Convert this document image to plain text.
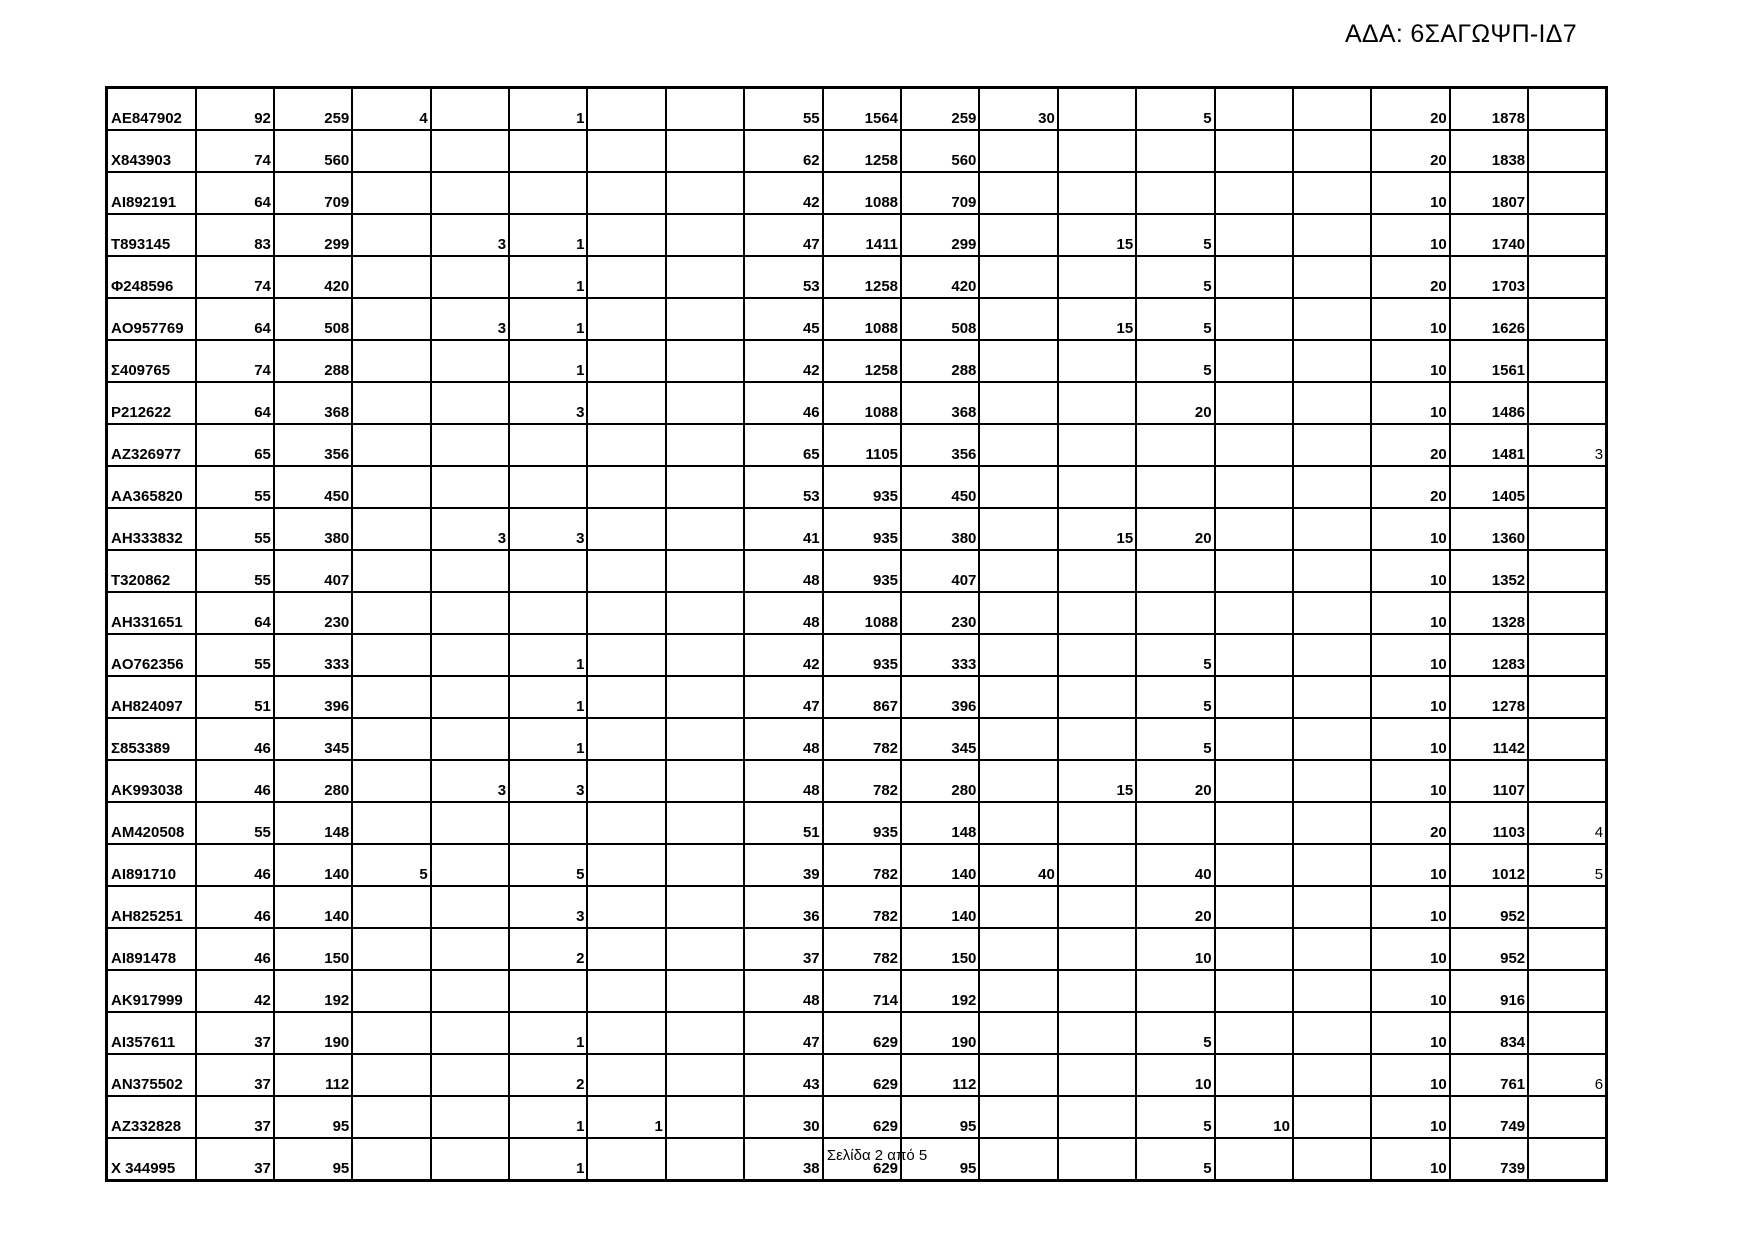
ΑΔΑ: 6ΣΑΓΩΨΠ-ΙΔ7
AE847902	92	259	4		1			55	1564	259	30		5			20	1878	
X843903	74	560						62	1258	560						20	1838	
AI892191	64	709						42	1088	709						10	1807	
T893145	83	299		3	1			47	1411	299		15	5			10	1740	
Φ248596	74	420			1			53	1258	420			5			20	1703	
AO957769	64	508		3	1			45	1088	508		15	5			10	1626	
Σ409765	74	288			1			42	1258	288			5			10	1561	
P212622	64	368			3			46	1088	368			20			10	1486	
AZ326977	65	356						65	1105	356						20	1481	3
AA365820	55	450						53	935	450						20	1405	
AH333832	55	380		3	3			41	935	380		15	20			10	1360	
T320862	55	407						48	935	407						10	1352	
AH331651	64	230						48	1088	230						10	1328	
AO762356	55	333			1			42	935	333			5			10	1283	
AH824097	51	396			1			47	867	396			5			10	1278	
Σ853389	46	345			1			48	782	345			5			10	1142	
AK993038	46	280		3	3			48	782	280		15	20			10	1107	
AM420508	55	148						51	935	148						20	1103	4
AI891710	46	140	5		5			39	782	140	40		40			10	1012	5
AH825251	46	140			3			36	782	140			20			10	952	
AI891478	46	150			2			37	782	150			10			10	952	
AK917999	42	192						48	714	192						10	916	
AI357611	37	190			1			47	629	190			5			10	834	
AN375502	37	112			2			43	629	112			10			10	761	6
AZ332828	37	95			1	1		30	629	95			5	10		10	749	
X 344995	37	95			1			38	629	95			5			10	739	
Σελίδα 2 από 5
